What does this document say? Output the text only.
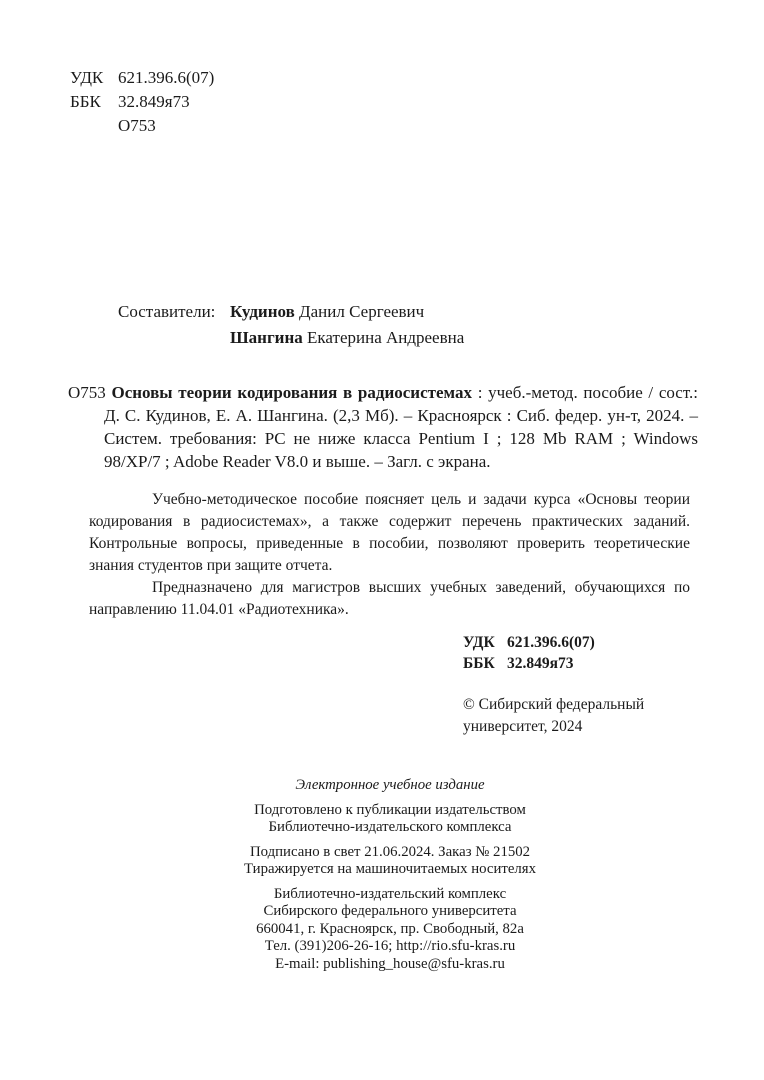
УДК 621.396.6(07)
ББК	32.849я73
О753
Составители: Кудинов Данил Сергеевич
Шангина Екатерина Андреевна

О753 Основы теории кодирования в радиосистемах : учеб.-метод. пособие / сост.: Д. С. Кудинов, Е. А. Шангина. (2,3 Мб). – Красноярск : Сиб. федер. ун-т, 2024. – Систем. требования: PC не ниже класса Pentium I ; 128 Mb RAM ; Windows 98/XP/7 ; Adobe Reader V8.0 и выше. – Загл. с экрана.

Учебно-методическое пособие поясняет цель и задачи курса «Основы теории кодирования в радиосистемах», а также содержит перечень практических заданий. Контрольные вопросы, приведенные в пособии, позволяют проверить теоретические знания студентов при защите отчета.

Предназначено для магистров высших учебных заведений, обучающихся по направлению 11.04.01 «Радиотехника».

УДК 621.396.6(07)
ББК 32.849я73
© Сибирский федеральный
университет, 2024
Электронное учебное издание
Подготовлено к публикации издательством
Библиотечно-издательского комплекса
Подписано в свет 21.06.2024. Заказ № 21502
Тиражируется на машиночитаемых носителях
Библиотечно-издательский комплекс
Сибирского федерального университета
660041, г. Красноярск, пр. Свободный, 82а
Тел. (391)206-26-16; http://rio.sfu-kras.ru
E-mail: publishing_house@sfu-kras.ru
